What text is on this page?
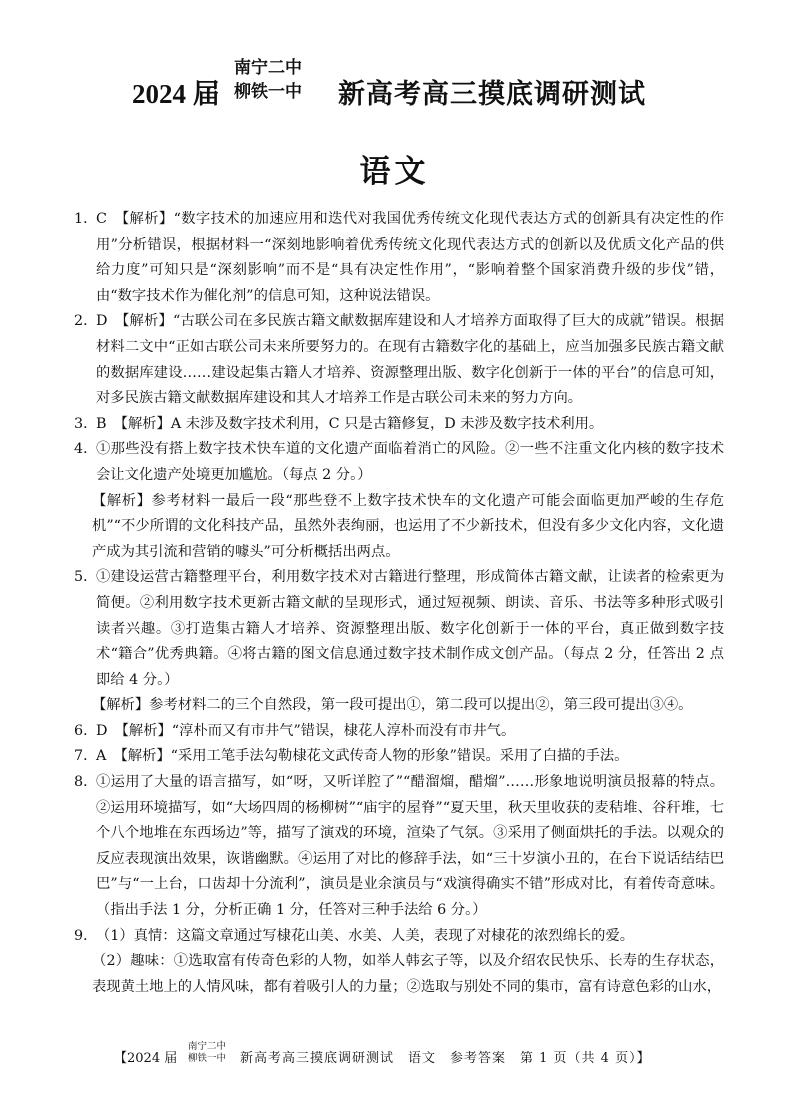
2024 届
南宁二中
柳铁一中 新高考高三摸底调研测试
语文
1．
C　【解析】“数字技术的加速应用和迭代对我国优秀传统文化现代表达方式的创新具有决定性的作用”分析错误，根据材料一“深刻地影响着优秀传统文化现代表达方式的创新以及优质文化产品的供给力度”可知只是“深刻影响”而不是“具有决定性作用”，“影响着整个国家消费升级的步伐”错，由“数字技术作为催化剂”的信息可知，这种说法错误。
2．
D　【解析】“古联公司在多民族古籍文献数据库建设和人才培养方面取得了巨大的成就”错误。根据材料二文中“正如古联公司未来所要努力的。在现有古籍数字化的基础上，应当加强多民族古籍文献的数据库建设……建设起集古籍人才培养、资源整理出版、数字化创新于一体的平台”的信息可知，对多民族古籍文献数据库建设和其人才培养工作是古联公司未来的努力方向。
3．
B　【解析】A 未涉及数字技术利用，C 只是古籍修复，D 未涉及数字技术利用。
4．
①那些没有搭上数字技术快车道的文化遗产面临着消亡的风险。②一些不注重文化内核的数字技术会让文化遗产处境更加尴尬。（每点 2 分。）
【解析】参考材料一最后一段“那些登不上数字技术快车的文化遗产可能会面临更加严峻的生存危机”“不少所谓的文化科技产品，虽然外表绚丽，也运用了不少新技术，但没有多少文化内容，文化遗产成为其引流和营销的噱头”可分析概括出两点。
5．
①建设运营古籍整理平台，利用数字技术对古籍进行整理，形成简体古籍文献，让读者的检索更为简便。②利用数字技术更新古籍文献的呈现形式，通过短视频、朗读、音乐、书法等多种形式吸引读者兴趣。③打造集古籍人才培养、资源整理出版、数字化创新于一体的平台，真正做到数字技术“籍合”优秀典籍。④将古籍的图文信息通过数字技术制作成文创产品。（每点 2 分，任答出 2 点即给 4 分。）
【解析】参考材料二的三个自然段，第一段可提出①，第二段可以提出②，第三段可提出③④。
6．
D　【解析】“淳朴而又有市井气”错误，棣花人淳朴而没有市井气。
7．
A　【解析】“采用工笔手法勾勒棣花文武传奇人物的形象”错误。采用了白描的手法。
8．
①运用了大量的语言描写，如“呀，又听详腔了”“醋溜熘，醋熘”……形象地说明演员报幕的特点。②运用环境描写，如“大场四周的杨柳树”“庙宇的屋脊”“夏天里，秋天里收获的麦秸堆、谷秆堆，七个八个地堆在东西场边”等，描写了演戏的环境，渲染了气氛。③采用了侧面烘托的手法。以观众的反应表现演出效果，诙谐幽默。④运用了对比的修辞手法，如“三十岁演小丑的，在台下说话结结巴巴”与“一上台，口齿却十分流利”，演员是业余演员与“戏演得确实不错”形成对比，有着传奇意味。（指出手法 1 分，分析正确 1 分，任答对三种手法给 6 分。）
9．
（1）真情：这篇文章通过写棣花山美、水美、人美，表现了对棣花的浓烈绵长的爱。
（2）趣味：①选取富有传奇色彩的人物，如举人韩玄子等，以及介绍农民快乐、长寿的生存状态，表现黄土地上的人情风味，都有着吸引人的力量；②选取与别处不同的集市，富有诗意色彩的山水，
【2024 届
南宁二中
柳铁一中 新高考高三摸底调研测试　语文　参考答案　第 1 页（共 4 页）】
